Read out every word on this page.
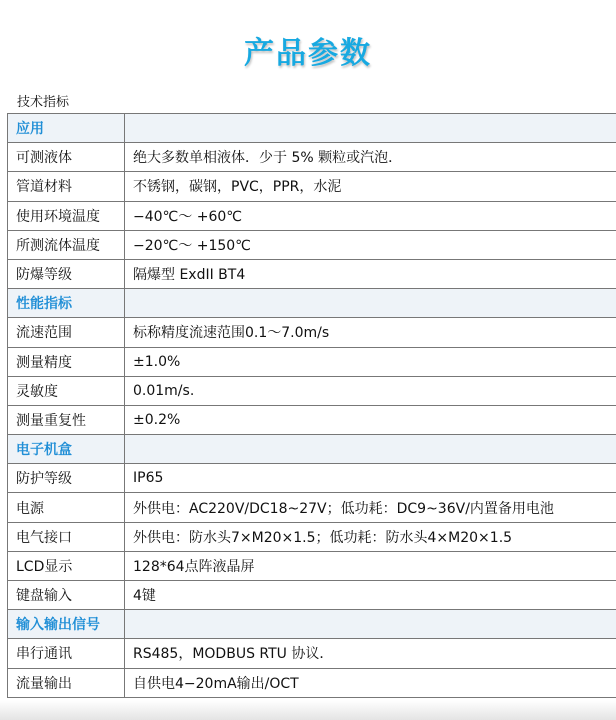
产品参数
技术指标
应用	
可测液体	绝大多数单相液体．少于 5% 颗粒或汽泡．
管道材料	不锈钢，碳钢，PVC，PPR，水泥
使用环境温度	−40℃～ +60℃
所测流体温度	−20℃～ +150℃
防爆等级	隔爆型 ExdII BT4
性能指标	
流速范围	标称精度流速范围0.1～7.0m/s
测量精度	±1.0%
灵敏度	0.01m/s.
测量重复性	±0.2%
电子机盒	
防护等级	IP65
电源	外供电：AC220V/DC18~27V；低功耗：DC9~36V/内置备用电池
电气接口	外供电：防水头7×M20×1.5；低功耗：防水头4×M20×1.5
LCD显示	128*64点阵液晶屏
键盘输入	4键
输入输出信号	
串行通讯	RS485，MODBUS RTU 协议．
流量输出	自供电4−20mA输出/OCT
